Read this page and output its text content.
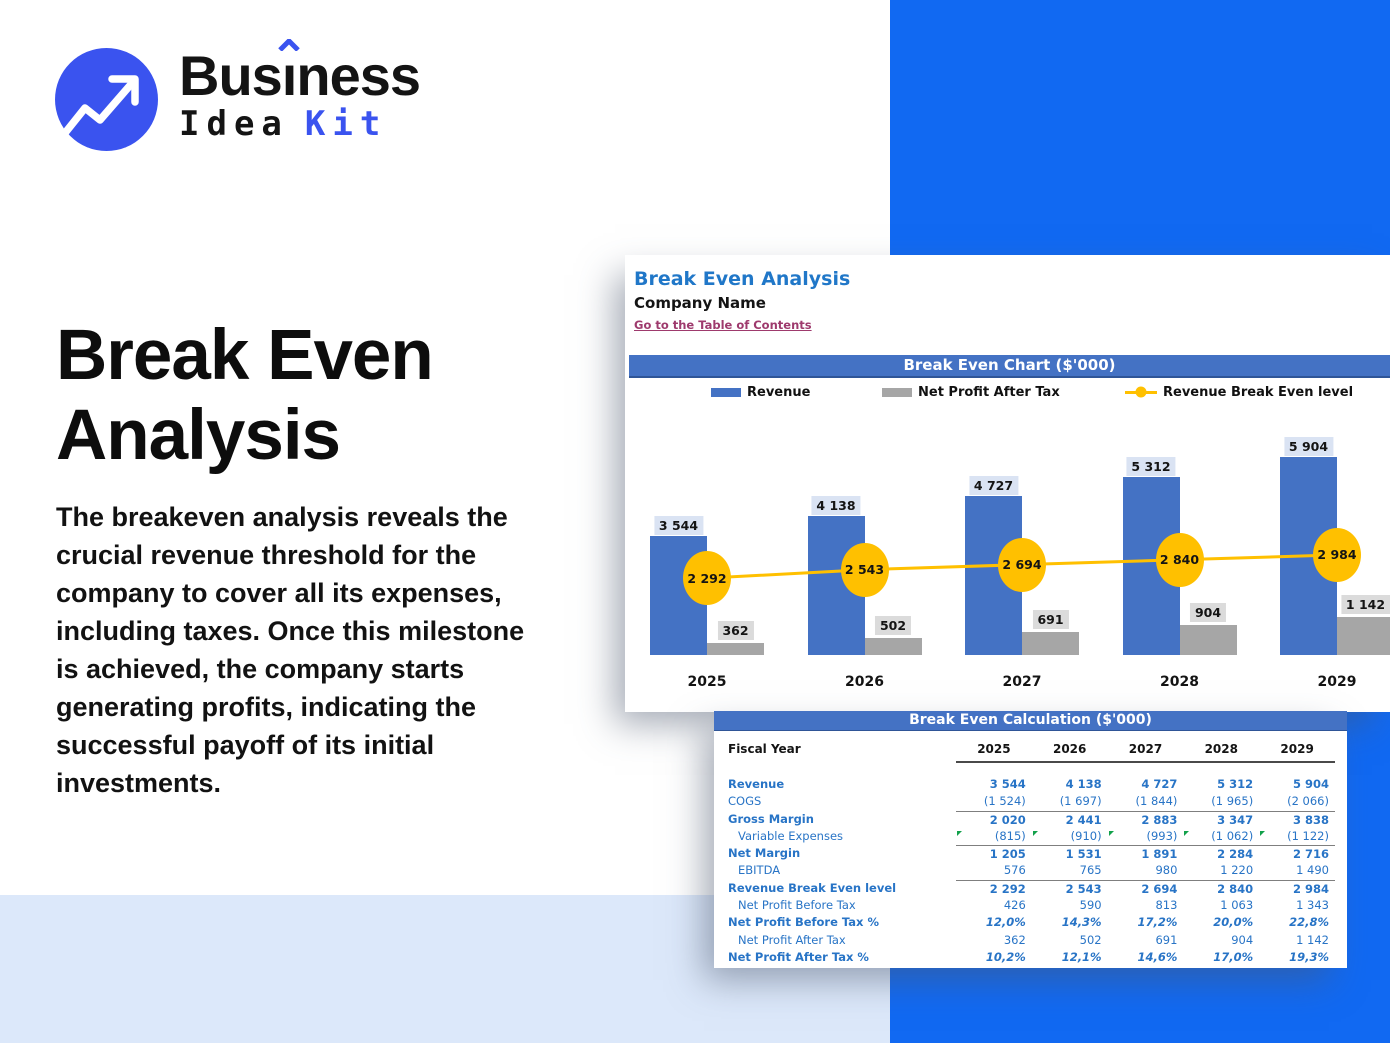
Bus
ıness
Idea Kit
Break Even
Analysis

The breakeven analysis reveals the crucial revenue threshold for the company to cover all its expenses, including taxes. Once this milestone is achieved, the company starts generating profits, indicating the successful payoff of its initial investments.

Break Even Analysis
Company Name
Go to the Table of Contents
Break Even Chart ($'000)
Revenue	Net Profit After Tax	Revenue Break Even level
3 544
362
2025
4 138
502
2026
4 727
691
2027
5 312
904
2028
5 904
1 142
2029
2 292
2 543	2 694	2 840	2 984
Break Even Calculation ($'000)
Fiscal Year	2025	2026	2027	2028	2029
Revenue	3 544	4 138	4 727	5 312	5 904
COGS	(1 524)	(1 697)	(1 844)	(1 965)	(2 066)
Gross Margin	2 020	2 441	2 883	3 347	3 838
Variable Expenses	(815)	(910)	(993)	(1 062)	(1 122)
Net Margin	1 205	1 531	1 891	2 284	2 716
EBITDA	576	765	980	1 220	1 490
Revenue Break Even level	2 292	2 543	2 694	2 840	2 984
Net Profit Before Tax	426	590	813	1 063	1 343
Net Profit Before Tax %	12,0%	14,3%	17,2%	20,0%	22,8%
Net Profit After Tax	362	502	691	904	1 142
Net Profit After Tax %	10,2%	12,1%	14,6%	17,0%	19,3%
